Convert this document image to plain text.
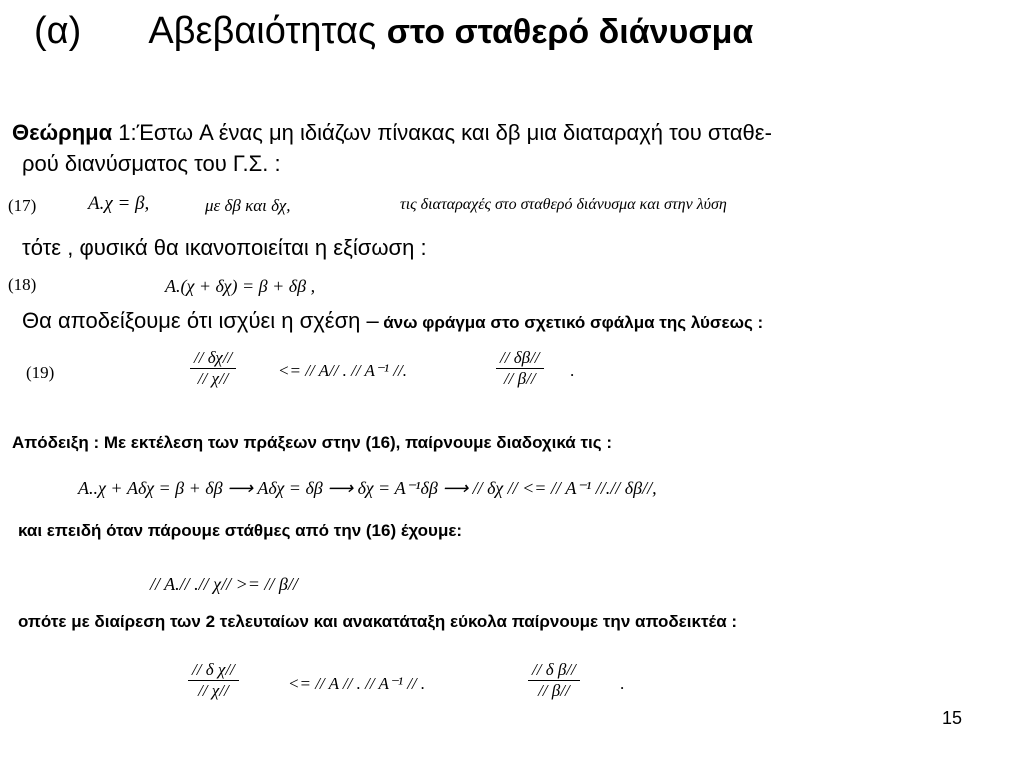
(α) Αβεβαιότητας στο σταθερό διάνυσμα
Θεώρημα 1:Έστω A ένας μη ιδιάζων πίνακας και δβ μια διαταραχή του σταθε-
ρού διανύσματος του Γ.Σ. :
(17)	A.χ = β,	με δβ και δχ,	τις διαταραχές στο σταθερό διάνυσμα και στην λύση
τότε , φυσικά θα ικανοποιείται η εξίσωση :
(18)	A.(χ + δχ) = β + δβ ,
Θα αποδείξουμε ότι ισχύει η σχέση – άνω φράγμα στο σχετικό σφάλμα της λύσεως :
(19)	$\frac{// \delta\chi//}{// \chi//}$ <= // A// . // A⁻¹ //.	$\frac{// \delta\beta//}{// \beta//}$ .
Απόδειξη : Με εκτέλεση των πράξεων στην (16), παίρνουμε διαδοχικά τις :
A..χ + Aδχ = β + δβ ⟶ Aδχ = δβ ⟶ δχ = A⁻¹δβ ⟶ // δχ // <= // A⁻¹ //.// δβ//,
και επειδή όταν πάρουμε στάθμες από την (16) έχουμε:
// A.// .// χ// >= // β//
οπότε με διαίρεση των 2 τελευταίων και ανακατάταξη εύκολα παίρνουμε την αποδεικτέα :
$\frac{\text{// δ χ//}}{// \chi//}$	<= // A // . // A⁻¹ // .	$\frac{\text{// δ β//}}{// \beta//}$ .
15
